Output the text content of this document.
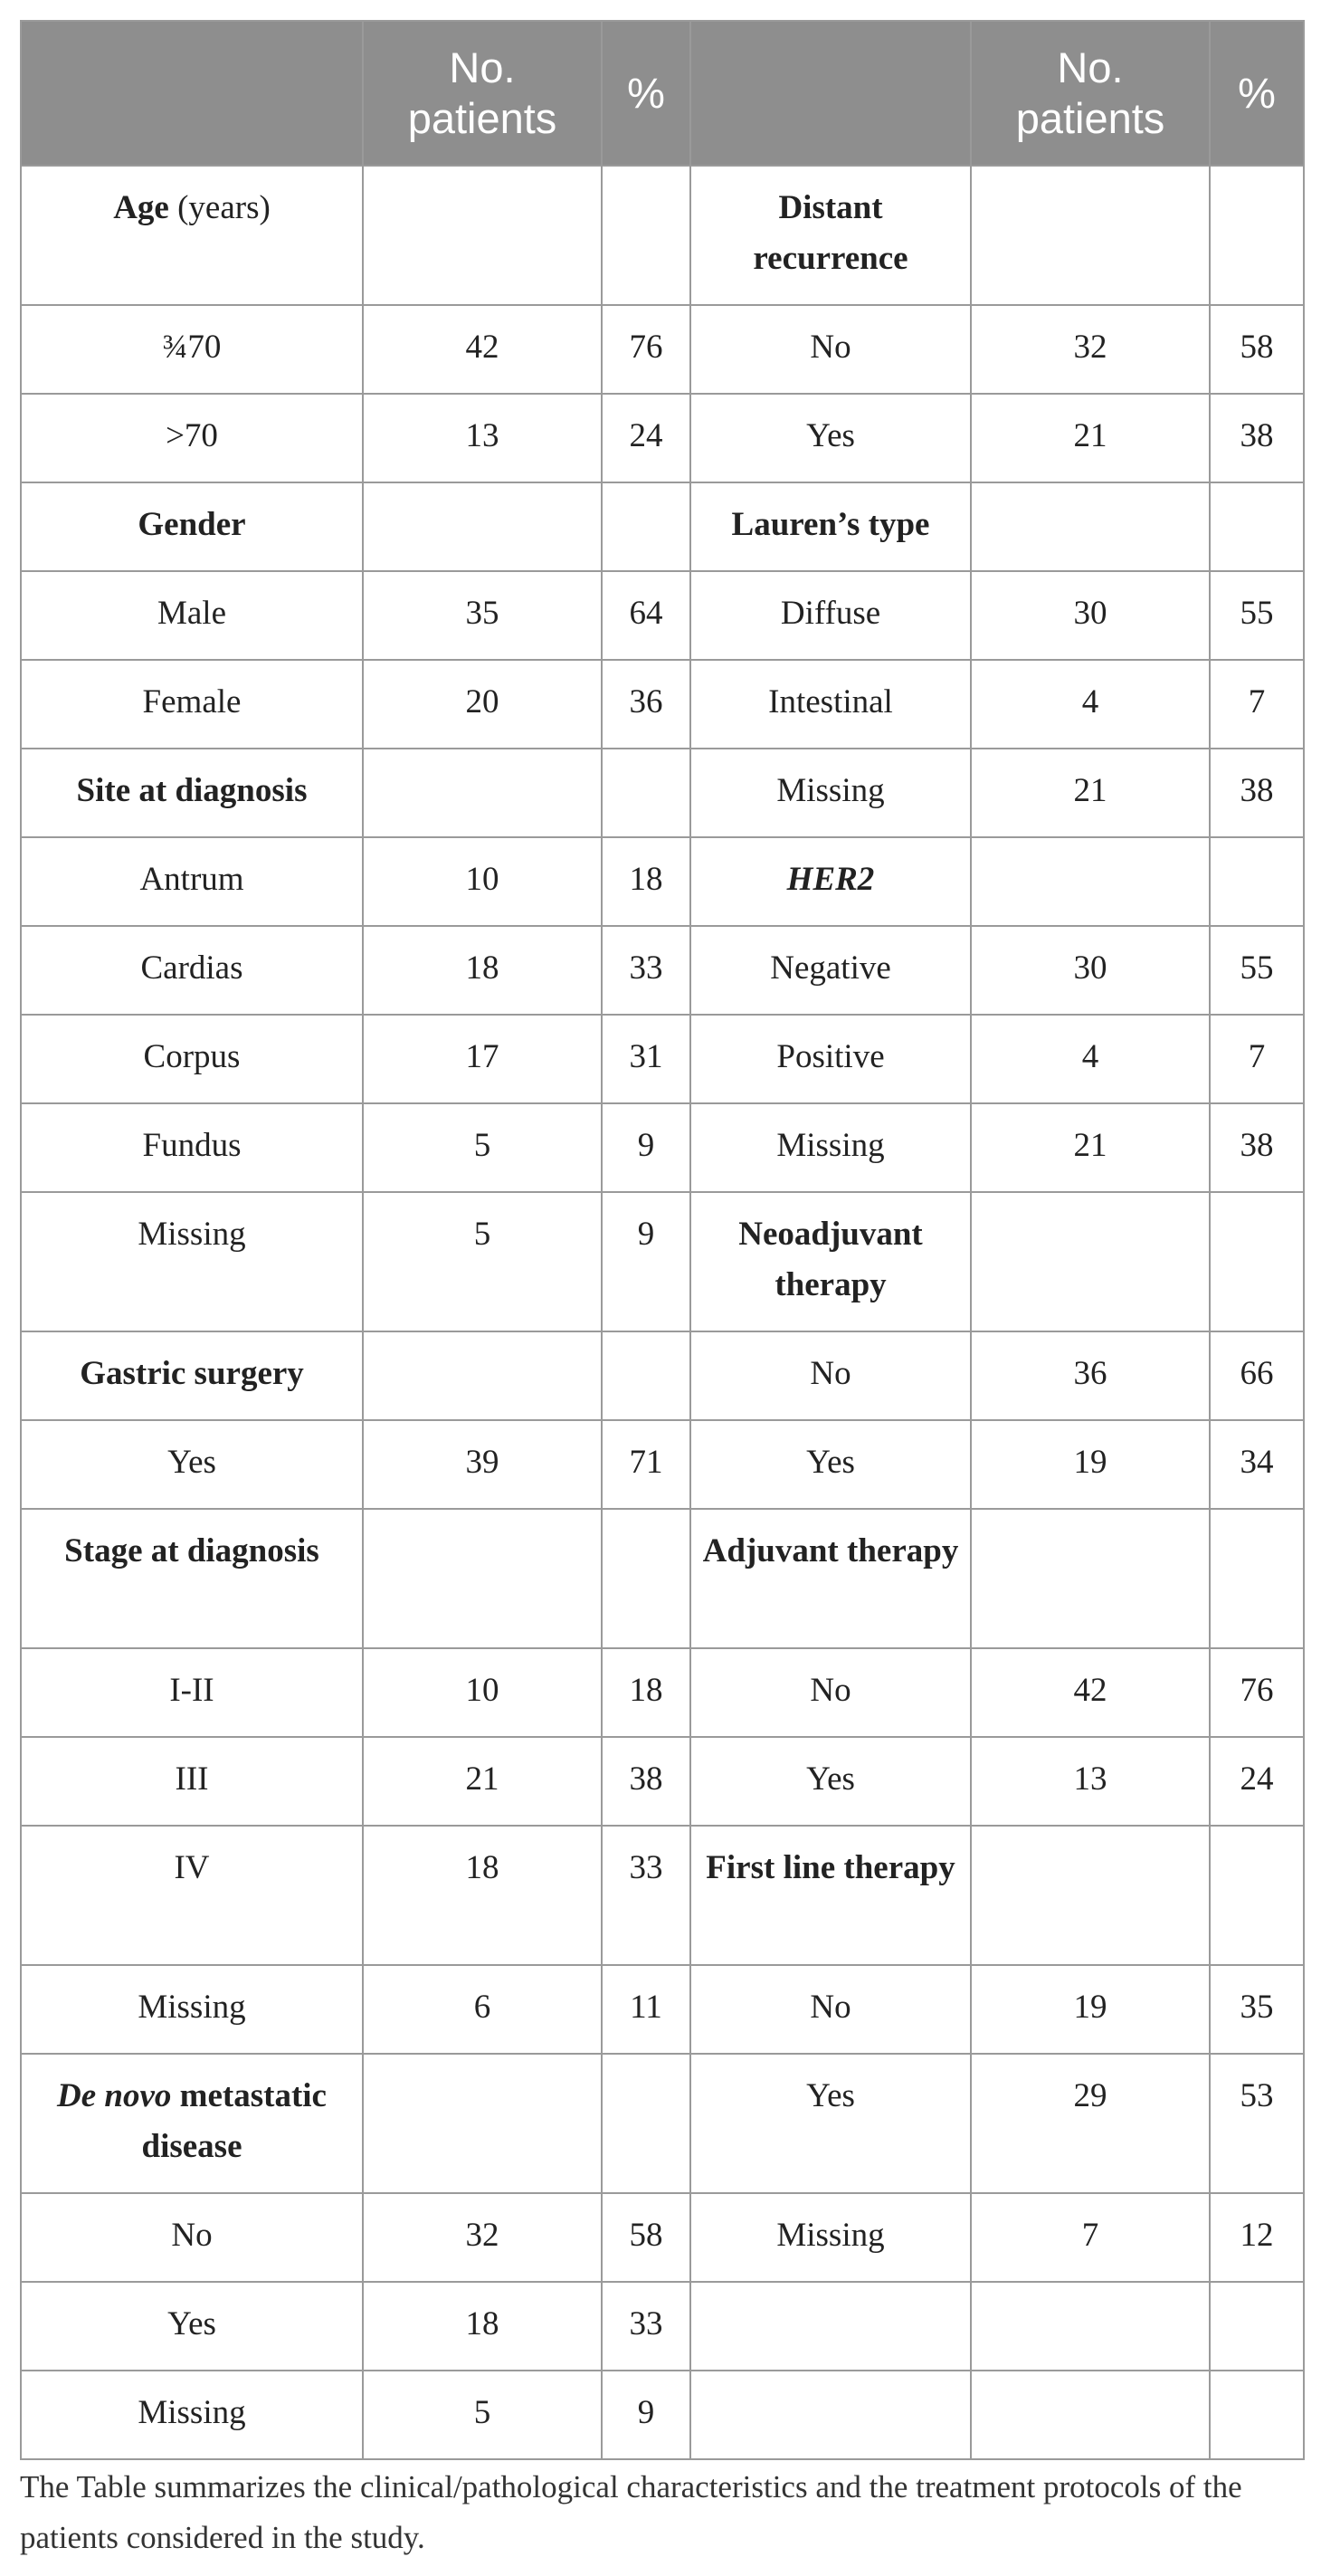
	No. patients	%		No. patients	%
Age (years)			Distant recurrence		
¾70	42	76	No	32	58
>70	13	24	Yes	21	38
Gender			Lauren’s type		
Male	35	64	Diffuse	30	55
Female	20	36	Intestinal	4	7
Site at diagnosis			Missing	21	38
Antrum	10	18	HER2		
Cardias	18	33	Negative	30	55
Corpus	17	31	Positive	4	7
Fundus	5	9	Missing	21	38
Missing	5	9	Neoadjuvant therapy		
Gastric surgery			No	36	66
Yes	39	71	Yes	19	34
Stage at diagnosis			Adjuvant therapy		
I-II	10	18	No	42	76
III	21	38	Yes	13	24
IV	18	33	First line therapy		
Missing	6	11	No	19	35
De novo metastatic disease			Yes	29	53
No	32	58	Missing	7	12
Yes	18	33			
Missing	5	9			
The Table summarizes the clinical/pathological characteristics and the treatment protocols of the patients considered in the study.
